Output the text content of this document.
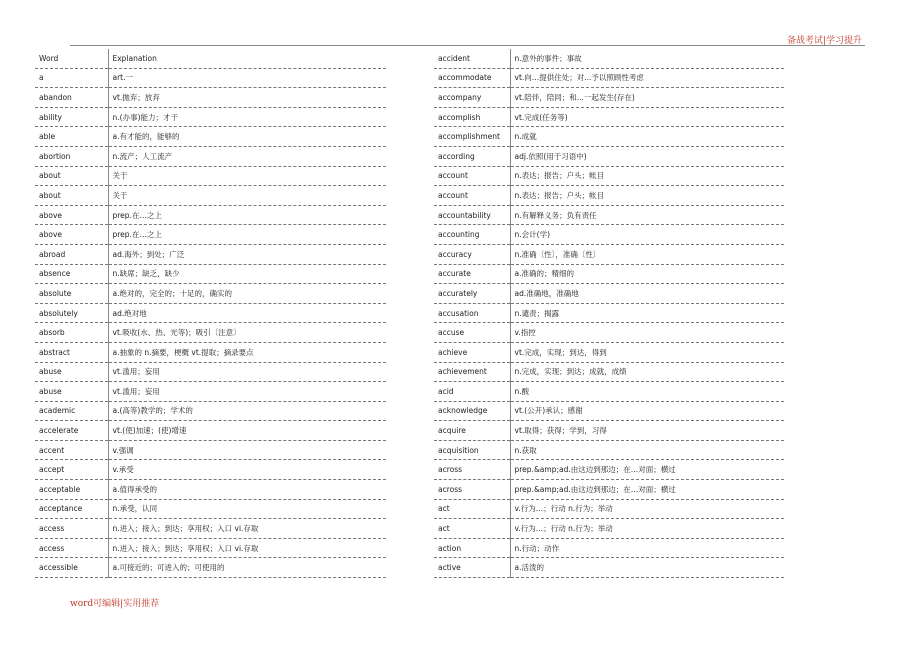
备战考试|学习提升
Word	Explanation
a	art.一
abandon	vt.抛弃；放弃
ability	n.(办事)能力；才干
able	a.有才能的，能够的
abortion	n.流产；人工流产
about	关于
about	关于
above	prep.在…之上
above	prep.在…之上
abroad	ad.海外；到处；广泛
absence	n.缺席；缺乏，缺少
absolute	a.绝对的，完全的；十足的，确实的
absolutely	ad.绝对地
absorb	vt.吸收(水、热、光等)；吸引〔注意〕
abstract	a.抽象的 n.摘要，梗概 vt.提取；摘录要点
abuse	vt.滥用；妄用
abuse	vt.滥用；妄用
academic	a.(高等)教学的；学术的
accelerate	vt.(使)加速；(使)增速
accent	v.强调
accept	v.承受
acceptable	a.值得承受的
acceptance	n.承受，认同
access	n.进入；接入；到达；享用权；入口 vi.存取
access	n.进入；接入；到达；享用权；入口 vi.存取
accessible	a.可接近的；可进入的；可使用的
accident	n.意外的事件；事故
accommodate	vt.向…提供住处；对...予以照顾性考虑
accompany	vt.陪伴，陪同；和...一起发生(存在)
accomplish	vt.完成(任务等)
accomplishment	n.成就
according	adj.依照(用于习语中)
account	n.表达；报告；户头；帐目
account	n.表达；报告；户头；帐目
accountability	n.有解释义务；负有责任
accounting	n.会计(学)
accuracy	n.准确〔性〕，准确〔性〕
accurate	a.准确的；精细的
accurately	ad.准确地，准确地
accusation	n.谴责；揭露
accuse	v.指控
achieve	vt.完成，实现；到达，得到
achievement	n.完成，实现；到达；成就，成绩
acid	n.酸
acknowledge	vt.(公开)承认；感谢
acquire	vt.取得；获得；学到，习得
acquisition	n.获取
across	prep.&amp;ad.由这边到那边；在…对面；横过
across	prep.&amp;ad.由这边到那边；在…对面；横过
act	v.行为…；行动 n.行为；举动
act	v.行为…；行动 n.行为；举动
action	n.行动；动作
active	a.活泼的
word可编辑|实用推荐
